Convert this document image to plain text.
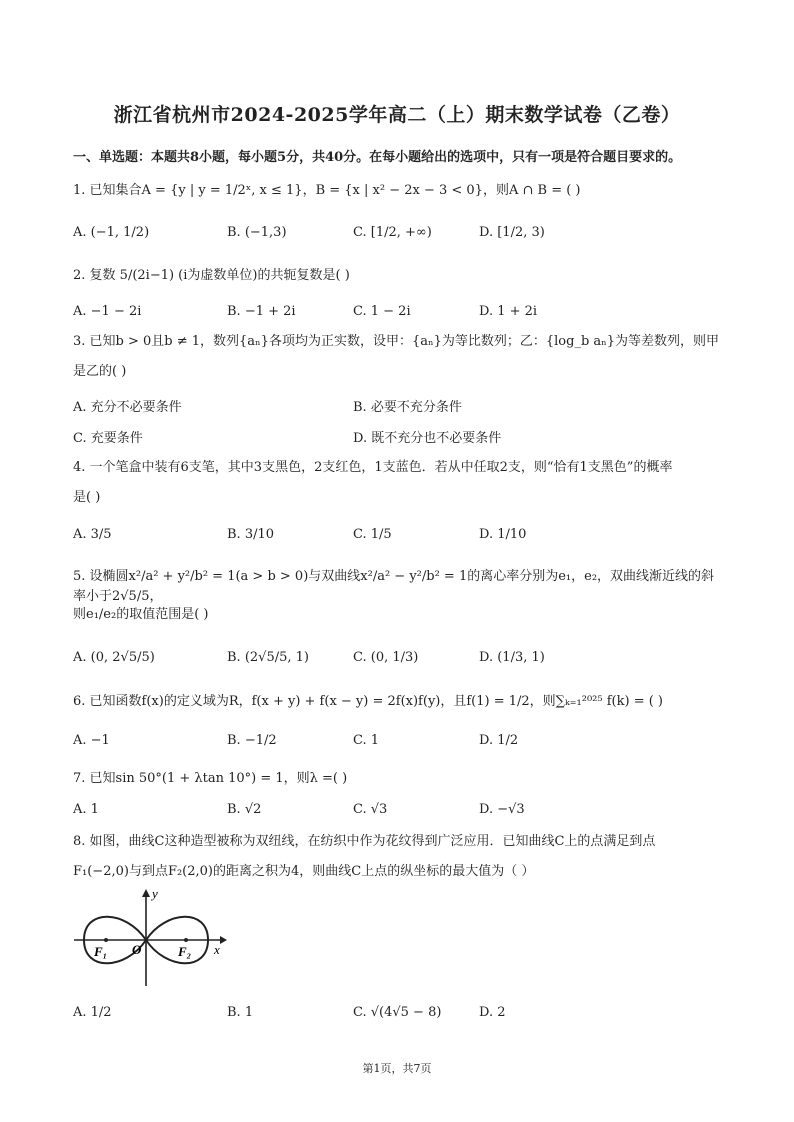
浙江省杭州市2024-2025学年高二（上）期末数学试卷（乙卷）
一、单选题：本题共8小题，每小题5分，共40分。在每小题给出的选项中，只有一项是符合题目要求的。
1. 已知集合A = {y | y = 1/2ˣ, x ≤ 1}，B = {x | x² − 2x − 3 < 0}，则A ∩ B = ( )
A. (−1, 1/2)	B. (−1,3)	C. [1/2, +∞)	D. [1/2, 3)
2. 复数 5/(2i−1) (i为虚数单位)的共轭复数是( )
A. −1 − 2i	B. −1 + 2i	C. 1 − 2i	D. 1 + 2i
3. 已知b > 0且b ≠ 1，数列{aₙ}各项均为正实数，设甲：{aₙ}为等比数列；乙：{log_b aₙ}为等差数列，则甲
是乙的( )
A. 充分不必要条件	B. 必要不充分条件
C. 充要条件	D. 既不充分也不必要条件
4. 一个笔盒中装有6支笔，其中3支黑色，2支红色，1支蓝色．若从中任取2支，则“恰有1支黑色”的概率
是( )
A. 3/5	B. 3/10	C. 1/5	D. 1/10
5. 设椭圆x²/a² + y²/b² = 1(a > b > 0)与双曲线x²/a² − y²/b² = 1的离心率分别为e₁，e₂，双曲线渐近线的斜率小于2√5/5，
则e₁/e₂的取值范围是( )
A. (0, 2√5/5)	B. (2√5/5, 1)	C. (0, 1/3)	D. (1/3, 1)
6. 已知函数f(x)的定义域为R，f(x + y) + f(x − y) = 2f(x)f(y)，且f(1) = 1/2，则∑ₖ₌₁²⁰²⁵ f(k) = ( )
A. −1	B. −1/2	C. 1	D. 1/2
7. 已知sin 50°(1 + λtan 10°) = 1，则λ =( )
A. 1	B. √2	C. √3	D. −√3
8. 如图，曲线C这种造型被称为双纽线，在纺织中作为花纹得到广泛应用．已知曲线C上的点满足到点
F₁(−2,0)与到点F₂(2,0)的距离之积为4，则曲线C上点的纵坐标的最大值为（ ）
y
x
O
F₁	F₂
A. 1/2	B. 1	C. √(4√5 − 8)	D. 2
第1页，共7页
